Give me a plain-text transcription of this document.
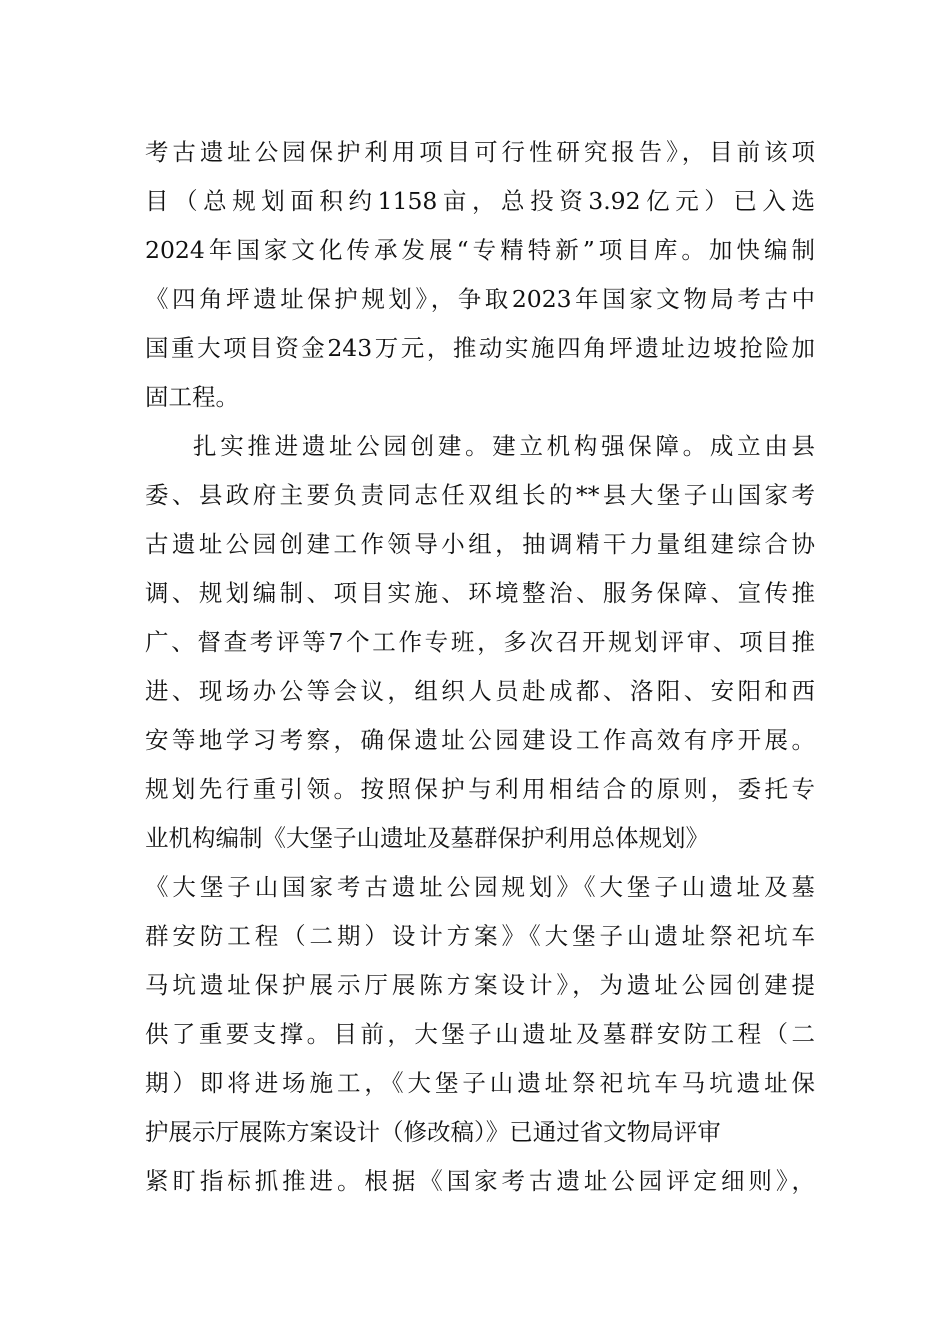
考古遗址公园保护利用项目可行性研究报告》，目前该项
目（总规划面积约1158亩，总投资3.92亿元）已入选
2024年国家文化传承发展“专精特新”项目库。加快编制
《四角坪遗址保护规划》，争取2023年国家文物局考古中
国重大项目资金243万元，推动实施四角坪遗址边坡抢险加
固工程。
扎实推进遗址公园创建。建立机构强保障。成立由县
委、县政府主要负责同志任双组长的**县大堡子山国家考
古遗址公园创建工作领导小组，抽调精干力量组建综合协
调、规划编制、项目实施、环境整治、服务保障、宣传推
广、督查考评等7个工作专班，多次召开规划评审、项目推
进、现场办公等会议，组织人员赴成都、洛阳、安阳和西
安等地学习考察，确保遗址公园建设工作高效有序开展。
规划先行重引领。按照保护与利用相结合的原则，委托专
业机构编制《大堡子山遗址及墓群保护利用总体规划》
《大堡子山国家考古遗址公园规划》《大堡子山遗址及墓
群安防工程（二期）设计方案》《大堡子山遗址祭祀坑车
马坑遗址保护展示厅展陈方案设计》，为遗址公园创建提
供了重要支撑。目前，大堡子山遗址及墓群安防工程（二
期）即将进场施工，《大堡子山遗址祭祀坑车马坑遗址保
护展示厅展陈方案设计（修改稿）》已通过省文物局评审
紧盯指标抓推进。根据《国家考古遗址公园评定细则》，
